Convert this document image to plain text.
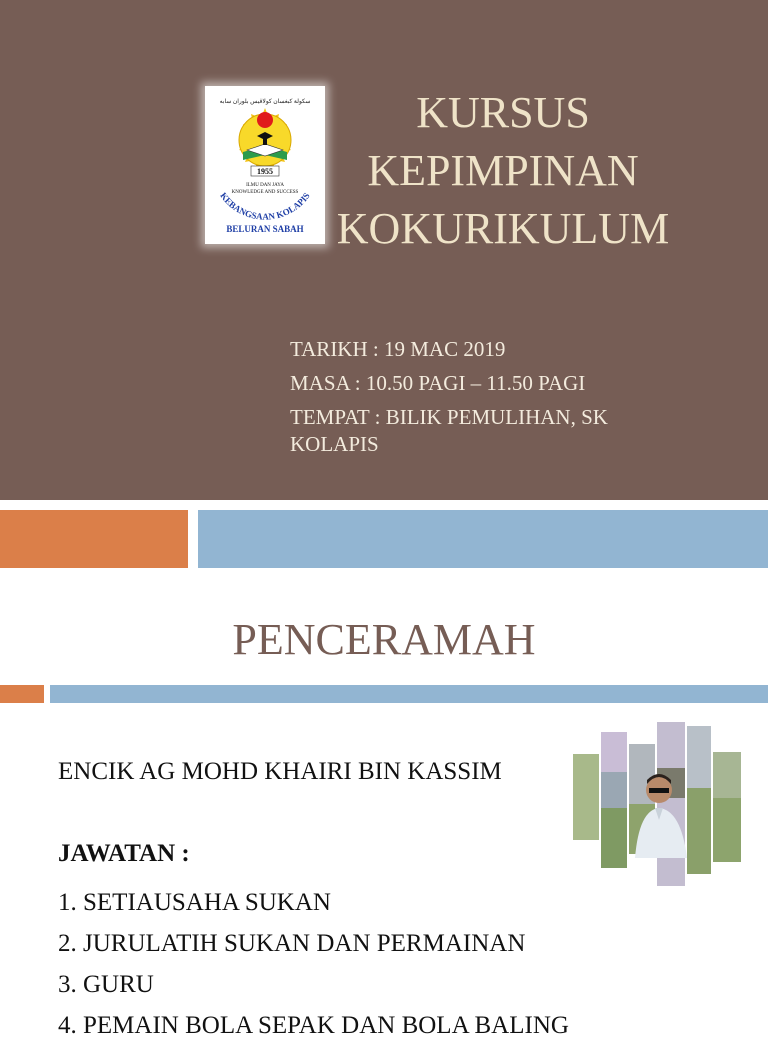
سكولة كبغسان كولاڤيس بلوران سابه
1955
ILMU DAN JAYA
KNOWLEDGE AND SUCCESS
KEBANGSAAN KOLAPIS
BELURAN SABAH
KURSUS
KEPIMPINAN
KOKURIKULUM
TARIKH : 19 MAC 2019
MASA : 10.50 PAGI – 11.50 PAGI
TEMPAT : BILIK PEMULIHAN, SK KOLAPIS
PENCERAMAH
ENCIK AG MOHD KHAIRI BIN KASSIM
JAWATAN :
1. SETIAUSAHA SUKAN
2. JURULATIH SUKAN DAN PERMAINAN
3. GURU
4. PEMAIN BOLA SEPAK DAN BOLA BALING
